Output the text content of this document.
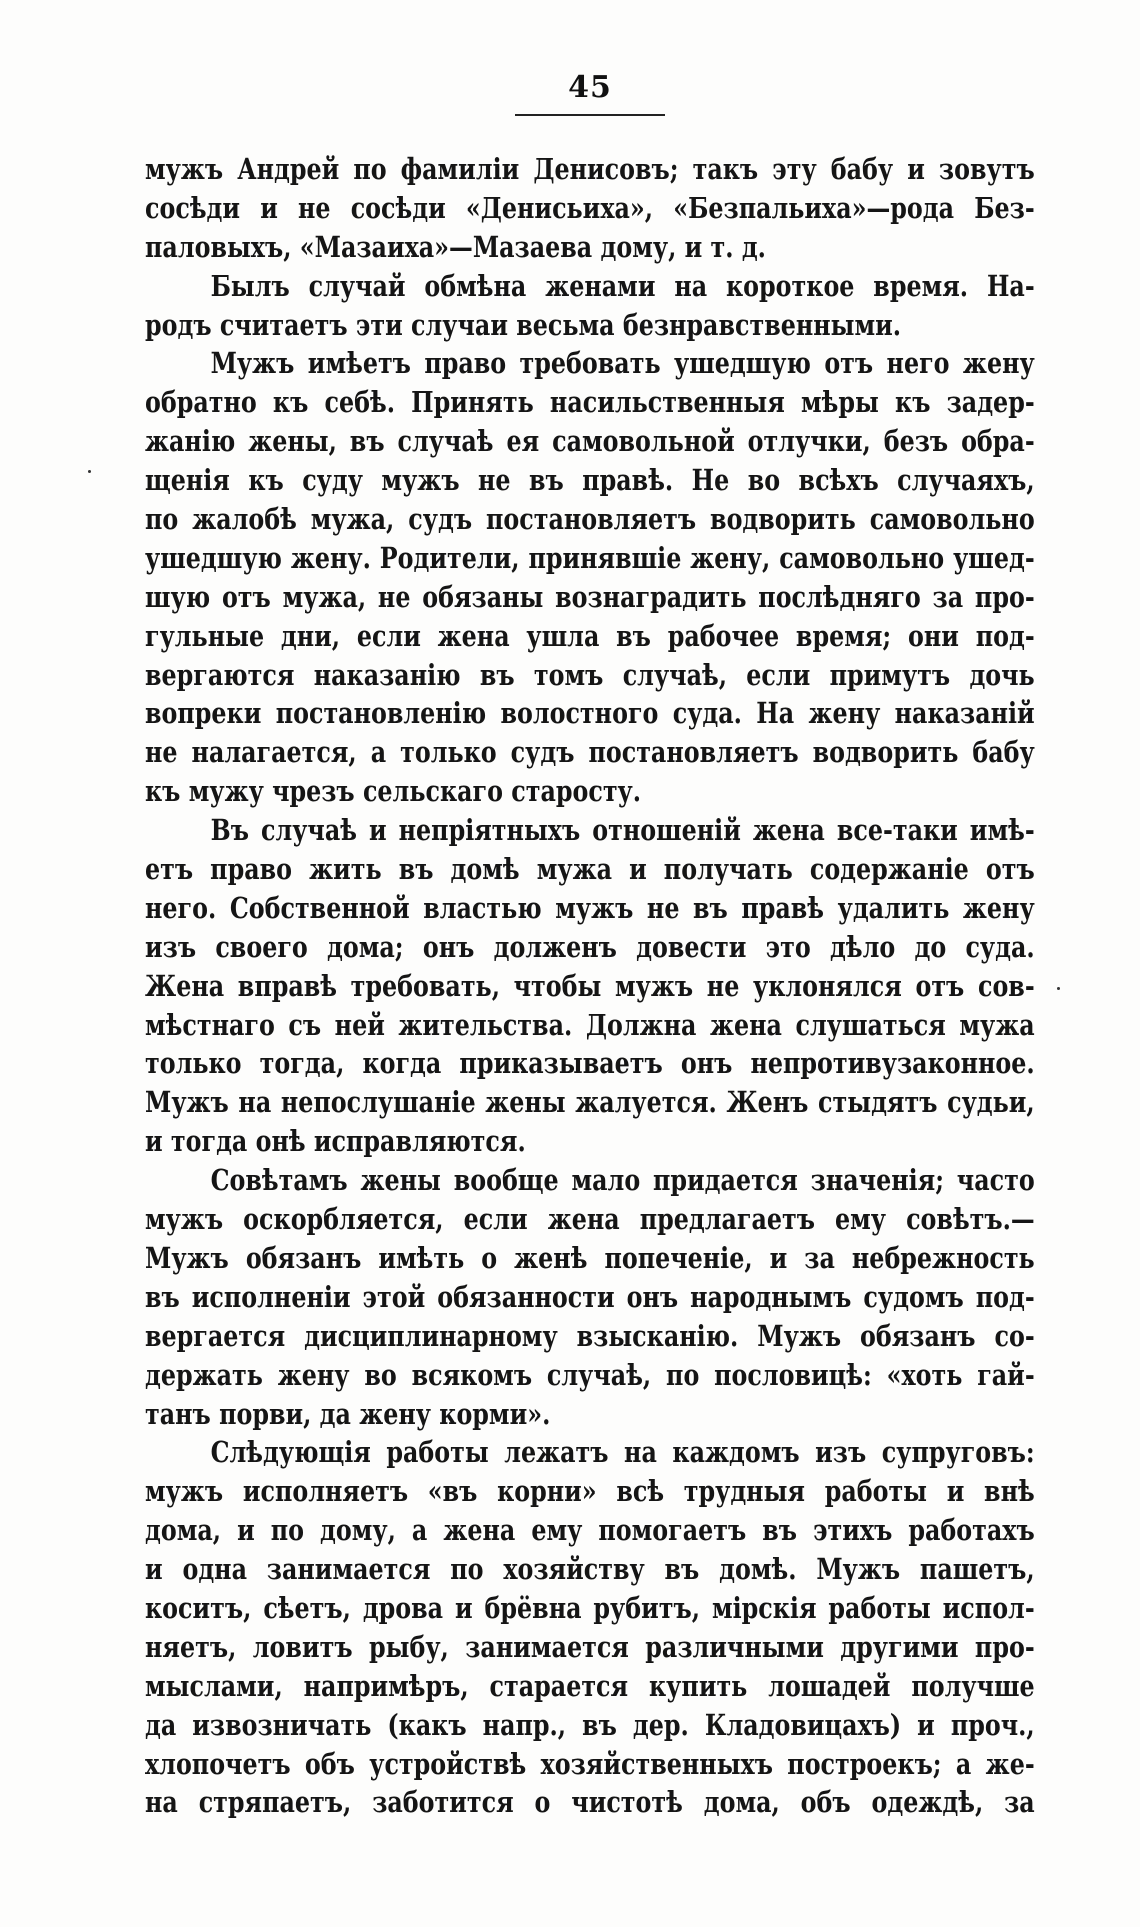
45
мужъ Андрей по фамиліи Денисовъ; такъ эту бабу и зовутъ
сосѣди и не сосѣди «Денисьиха», «Безпальиха»—рода Без-
паловыхъ, «Мазаиха»—Мазаева дому, и т. д.
Былъ случай обмѣна женами на короткое время. На-
родъ считаетъ эти случаи весьма безнравственными.
Мужъ имѣетъ право требовать ушедшую отъ него жену
обратно къ себѣ. Принять насильственныя мѣры къ задер-
жанію жены, въ случаѣ ея самовольной отлучки, безъ обра-
щенія къ суду мужъ не въ правѣ. Не во всѣхъ случаяхъ,
по жалобѣ мужа, судъ постановляетъ водворить самовольно
ушедшую жену. Родители, принявшіе жену, самовольно ушед-
шую отъ мужа, не обязаны вознаградить послѣдняго за про-
гульные дни, если жена ушла въ рабочее время; они под-
вергаются наказанію въ томъ случаѣ, если примутъ дочь
вопреки постановленію волостного суда. На жену наказаній
не налагается, а только судъ постановляетъ водворить бабу
къ мужу чрезъ сельскаго старосту.
Въ случаѣ и непріятныхъ отношеній жена все-таки имѣ-
етъ право жить въ домѣ мужа и получать содержаніе отъ
него. Собственной властью мужъ не въ правѣ удалить жену
изъ своего дома; онъ долженъ довести это дѣло до суда.
Жена вправѣ требовать, чтобы мужъ не уклонялся отъ сов-
мѣстнаго съ ней жительства. Должна жена слушаться мужа
только тогда, когда приказываетъ онъ непротивузаконное.
Мужъ на непослушаніе жены жалуется. Женъ стыдятъ судьи,
и тогда онѣ исправляются.
Совѣтамъ жены вообще мало придается значенія; часто
мужъ оскорбляется, если жена предлагаетъ ему совѣтъ.—
Мужъ обязанъ имѣть о женѣ попеченіе, и за небрежность
въ исполненіи этой обязанности онъ народнымъ судомъ под-
вергается дисциплинарному взысканію. Мужъ обязанъ со-
держать жену во всякомъ случаѣ, по пословицѣ: «хоть гай-
танъ порви, да жену корми».
Слѣдующія работы лежатъ на каждомъ изъ супруговъ:
мужъ исполняетъ «въ корни» всѣ трудныя работы и внѣ
дома, и по дому, а жена ему помогаетъ въ этихъ работахъ
и одна занимается по хозяйству въ домѣ. Мужъ пашетъ,
коситъ, сѣетъ, дрова и брёвна рубитъ, мірскія работы испол-
няетъ, ловитъ рыбу, занимается различными другими про-
мыслами, напримѣръ, старается купить лошадей получше
да извозничать (какъ напр., въ дер. Кладовицахъ) и проч.,
хлопочетъ объ устройствѣ хозяйственныхъ построекъ; а же-
на стряпаетъ, заботится о чистотѣ дома, объ одеждѣ, за
